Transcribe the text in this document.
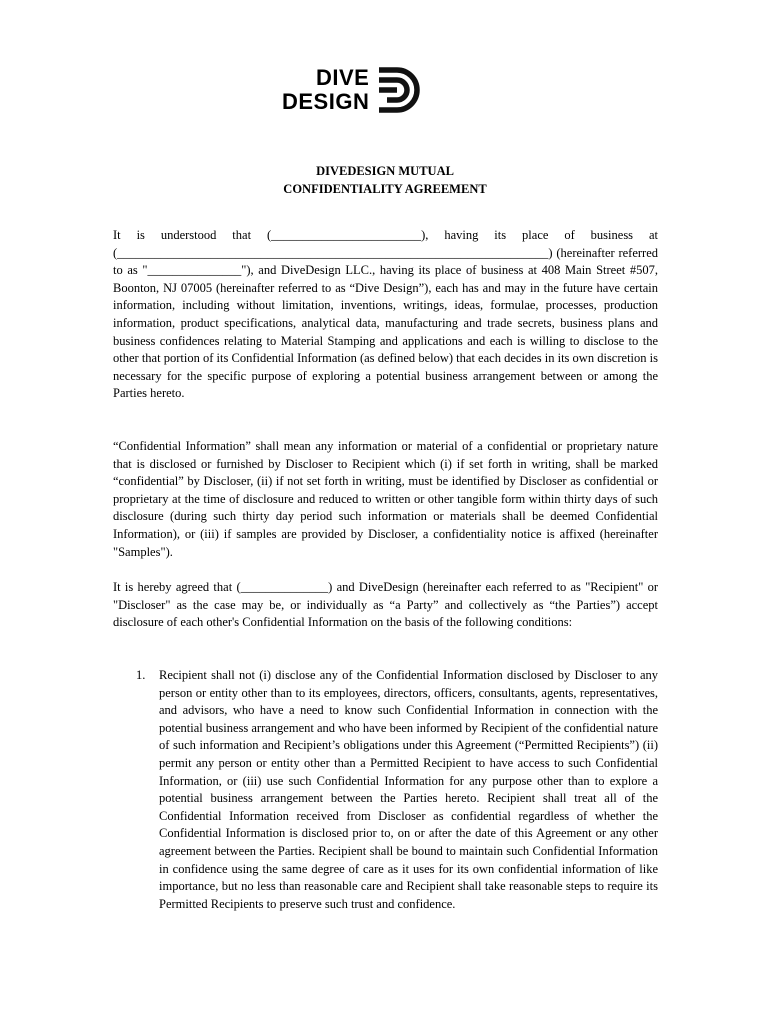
DIVE
DESIGN
DIVEDESIGN MUTUAL
CONFIDENTIALITY AGREEMENT

It is understood that (________________________), having its place of business at (_____________________________________________________________________) (hereinafter referred to as "_______________"), and DiveDesign LLC., having its place of business at 408 Main Street #507, Boonton, NJ 07005 (hereinafter referred to as “Dive Design”), each has and may in the future have certain information, including without limitation, inventions, writings, ideas, formulae, processes, production information, product specifications, analytical data, manufacturing and trade secrets, business plans and business confidences relating to Material Stamping and applications and each is willing to disclose to the other that portion of its Confidential Information (as defined below) that each decides in its own discretion is necessary for the specific purpose of exploring a potential business arrangement between or among the Parties hereto.

“Confidential Information” shall mean any information or material of a confidential or proprietary nature that is disclosed or furnished by Discloser to Recipient which (i) if set forth in writing, shall be marked “confidential” by Discloser, (ii) if not set forth in writing, must be identified by Discloser as confidential or proprietary at the time of disclosure and reduced to written or other tangible form within thirty days of such disclosure (during such thirty day period such information or materials shall be deemed Confidential Information), or (iii) if samples are provided by Discloser, a confidentiality notice is affixed (hereinafter "Samples").

It is hereby agreed that (______________) and DiveDesign (hereinafter each referred to as "Recipient" or "Discloser" as the case may be, or individually as “a Party” and collectively as “the Parties”) accept disclosure of each other's Confidential Information on the basis of the following conditions:

1. Recipient shall not (i) disclose any of the Confidential Information disclosed by Discloser to any person or entity other than to its employees, directors, officers, consultants, agents, representatives, and advisors, who have a need to know such Confidential Information in connection with the potential business arrangement and who have been informed by Recipient of the confidential nature of such information and Recipient’s obligations under this Agreement (“Permitted Recipients”) (ii) permit any person or entity other than a Permitted Recipient to have access to such Confidential Information, or (iii) use such Confidential Information for any purpose other than to explore a potential business arrangement between the Parties hereto. Recipient shall treat all of the Confidential Information received from Discloser as confidential regardless of whether the Confidential Information is disclosed prior to, on or after the date of this Agreement or any other agreement between the Parties. Recipient shall be bound to maintain such Confidential Information in confidence using the same degree of care as it uses for its own confidential information of like importance, but no less than reasonable care and Recipient shall take reasonable steps to require its Permitted Recipients to preserve such trust and confidence.
